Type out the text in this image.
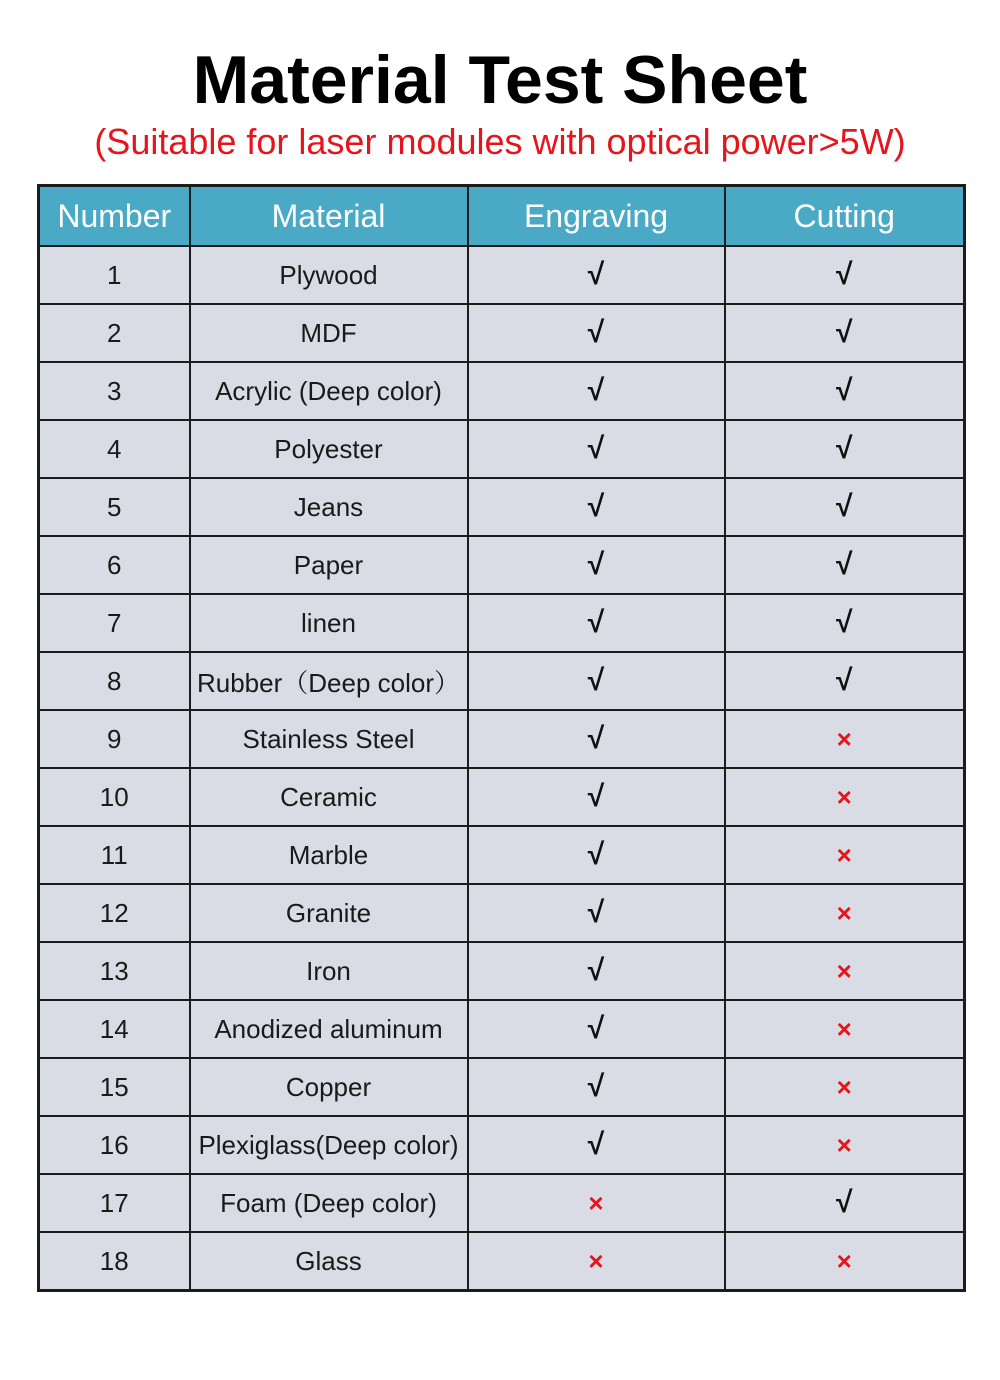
Material Test Sheet

(Suitable for laser modules with optical power>5W)

Number	Material	Engraving	Cutting
1	Plywood	√	√
2	MDF	√	√
3	Acrylic (Deep color)	√	√
4	Polyester	√	√
5	Jeans	√	√
6	Paper	√	√
7	linen	√	√
8	Rubber（Deep color）	√	√
9	Stainless Steel	√	×
10	Ceramic	√	×
11	Marble	√	×
12	Granite	√	×
13	Iron	√	×
14	Anodized aluminum	√	×
15	Copper	√	×
16	Plexiglass(Deep color)	√	×
17	Foam (Deep color)	×	√
18	Glass	×	×
